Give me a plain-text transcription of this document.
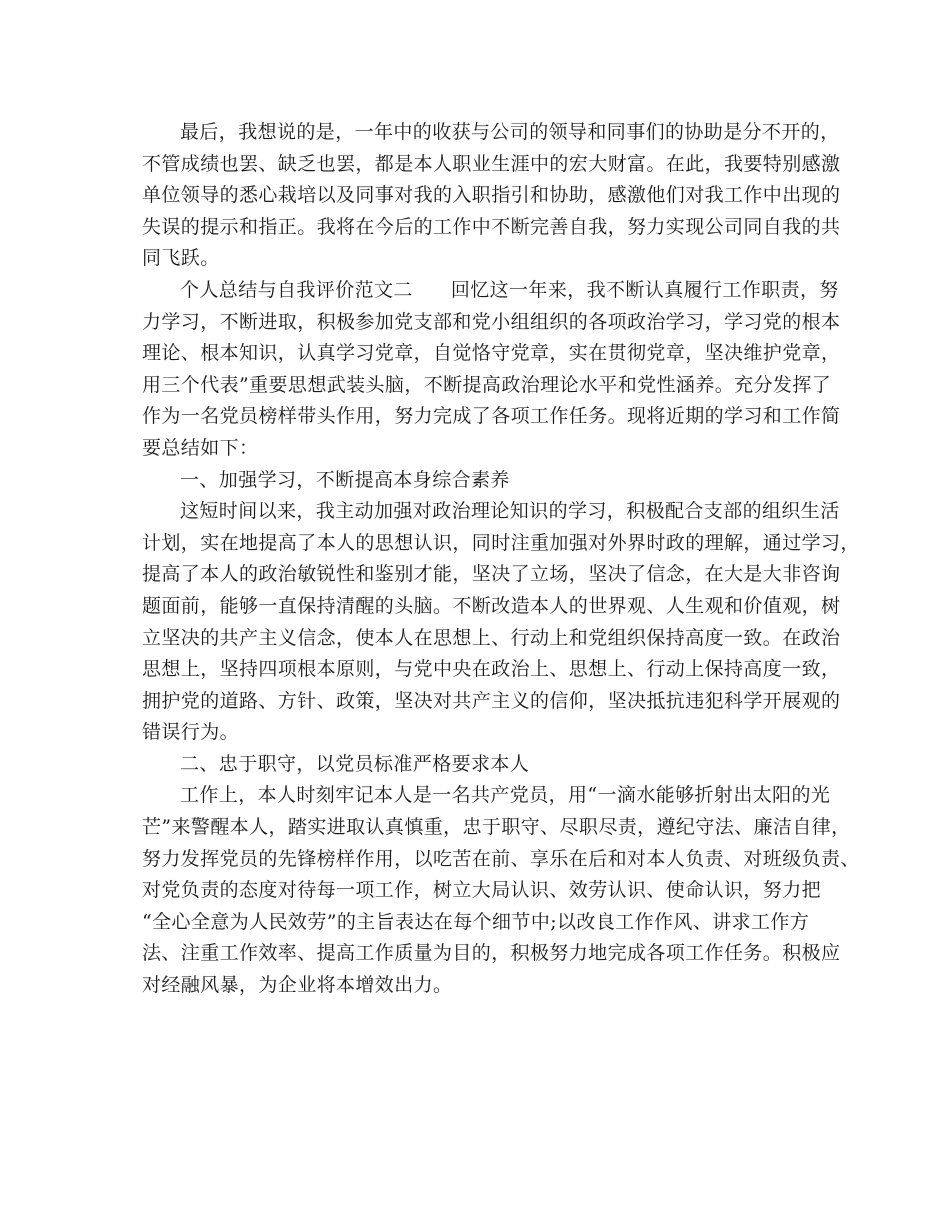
最后，我想说的是，一年中的收获与公司的领导和同事们的协助是分不开的，
不管成绩也罢、缺乏也罢，都是本人职业生涯中的宏大财富。在此，我要特别感激
单位领导的悉心栽培以及同事对我的入职指引和协助，感激他们对我工作中出现的
失误的提示和指正。我将在今后的工作中不断完善自我，努力实现公司同自我的共
同飞跃。
个人总结与自我评价范文二 回忆这一年来，我不断认真履行工作职责，努
力学习，不断进取，积极参加党支部和党小组组织的各项政治学习，学习党的根本
理论、根本知识，认真学习党章，自觉恪守党章，实在贯彻党章，坚决维护党章，
用三个代表”重要思想武装头脑，不断提高政治理论水平和党性涵养。充分发挥了
作为一名党员榜样带头作用，努力完成了各项工作任务。现将近期的学习和工作简
要总结如下：
一、加强学习，不断提高本身综合素养
这短时间以来，我主动加强对政治理论知识的学习，积极配合支部的组织生活
计划，实在地提高了本人的思想认识，同时注重加强对外界时政的理解，通过学习，
提高了本人的政治敏锐性和鉴别才能，坚决了立场，坚决了信念，在大是大非咨询
题面前，能够一直保持清醒的头脑。不断改造本人的世界观、人生观和价值观，树
立坚决的共产主义信念，使本人在思想上、行动上和党组织保持高度一致。在政治
思想上，坚持四项根本原则，与党中央在政治上、思想上、行动上保持高度一致，
拥护党的道路、方针、政策，坚决对共产主义的信仰，坚决抵抗违犯科学开展观的
错误行为。
二、忠于职守，以党员标准严格要求本人
工作上，本人时刻牢记本人是一名共产党员，用“一滴水能够折射出太阳的光
芒”来警醒本人，踏实进取认真慎重，忠于职守、尽职尽责，遵纪守法、廉洁自律，
努力发挥党员的先锋榜样作用，以吃苦在前、享乐在后和对本人负责、对班级负责、
对党负责的态度对待每一项工作，树立大局认识、效劳认识、使命认识，努力把
“全心全意为人民效劳”的主旨表达在每个细节中;以改良工作作风、讲求工作方
法、注重工作效率、提高工作质量为目的，积极努力地完成各项工作任务。积极应
对经融风暴，为企业将本增效出力。
